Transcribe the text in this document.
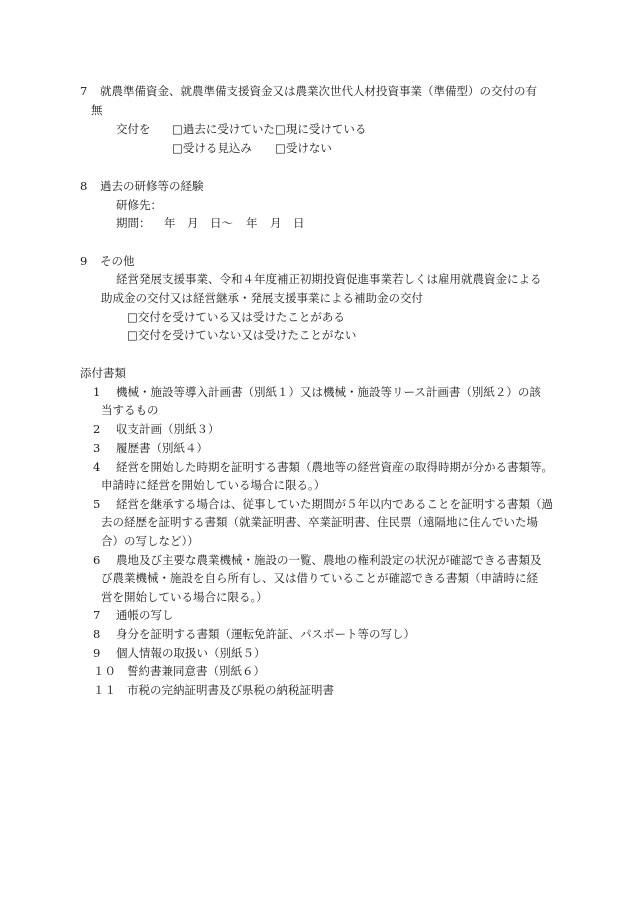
7 就農準備資金、就農準備支援資金又は農業次世代人材投資事業（準備型）の交付の有
無
交付を □過去に受けていた □現に受けている
□受ける見込み □受けない
8 過去の研修等の経験
研修先：
期間： 年 月 日〜 年 月 日
9 その他
経営発展支援事業、令和４年度補正初期投資促進事業若しくは雇用就農資金による
助成金の交付又は経営継承・発展支援事業による補助金の交付
□交付を受けている又は受けたことがある
□交付を受けていない又は受けたことがない
添付書類
1 機械・施設等導入計画書（別紙１）又は機械・施設等リース計画書（別紙２）の該
当するもの
2 収支計画（別紙３）
3 履歴書（別紙４）
4 経営を開始した時期を証明する書類（農地等の経営資産の取得時期が分かる書類等。
申請時に経営を開始している場合に限る。）
5 経営を継承する場合は、従事していた期間が５年以内であることを証明する書類（過
去の経歴を証明する書類（就業証明書、卒業証明書、住民票（遠隔地に住んでいた場
合）の写しなど））
6 農地及び主要な農業機械・施設の一覧、農地の権利設定の状況が確認できる書類及
び農業機械・施設を自ら所有し、又は借りていることが確認できる書類（申請時に経
営を開始している場合に限る。）
7 通帳の写し
8 身分を証明する書類（運転免許証、パスポート等の写し）
9 個人情報の取扱い（別紙５）
１０ 誓約書兼同意書（別紙６）
１１ 市税の完納証明書及び県税の納税証明書
